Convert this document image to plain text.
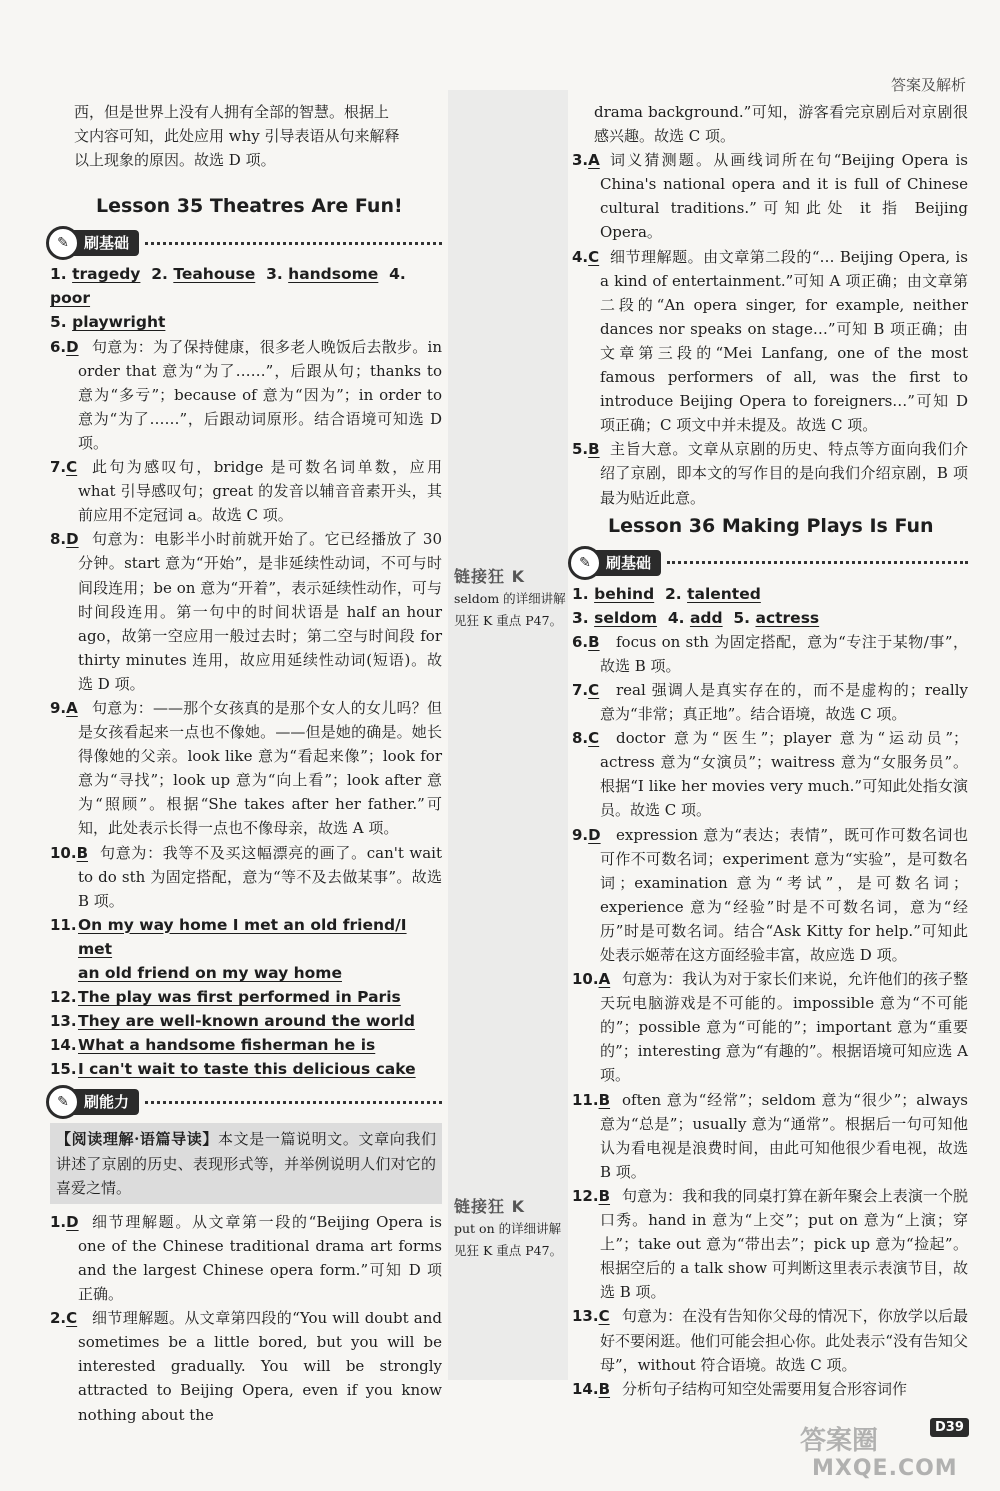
答案及解析

西，但是世界上没有人拥有全部的智慧。根据上

文内容可知，此处应用 why 引导表语从句来解释

以上现象的原因。故选 D 项。

Lesson 35 Theatres Are Fun!

✎	刷基础

1. tragedy 2. Teahouse 3. handsome 4. poor

5. playwright

6.D 句意为：为了保持健康，很多老人晚饭后去散步。in order that 意为“为了……”，后跟从句；thanks to 意为“多亏”；because of 意为“因为”；in order to 意为“为了……”，后跟动词原形。结合语境可知选 D 项。
7.C 此句为感叹句，bridge 是可数名词单数，应用 what 引导感叹句；great 的发音以辅音音素开头，其前应用不定冠词 a。故选 C 项。
8.D 句意为：电影半小时前就开始了。它已经播放了 30 分钟。start 意为“开始”，是非延续性动词，不可与时间段连用；be on 意为“开着”，表示延续性动作，可与时间段连用。第一句中的时间状语是 half an hour ago，故第一空应用一般过去时；第二空与时间段 for thirty minutes 连用，故应用延续性动词(短语)。故选 D 项。
9.A 句意为：——那个女孩真的是那个女人的女儿吗？但是女孩看起来一点也不像她。——但是她的确是。她长得像她的父亲。look like 意为“看起来像”；look for 意为“寻找”；look up 意为“向上看”；look after 意为“照顾”。根据“She takes after her father.”可知，此处表示长得一点也不像母亲，故选 A 项。
10.B 句意为：我等不及买这幅漂亮的画了。can't wait to do sth 为固定搭配，意为“等不及去做某事”。故选 B 项。
11. On my way home I met an old friend/I met
an old friend on my way home
12. The play was first performed in Paris
13. They are well-known around the world
14. What a handsome fisherman he is
15. I can't wait to taste this delicious cake
✎	刷能力
【阅读理解·语篇导读】本文是一篇说明文。文章向我们讲述了京剧的历史、表现形式等，并举例说明人们对它的喜爱之情。
1.D 细节理解题。从文章第一段的“Beijing Opera is one of the Chinese traditional drama art forms and the largest Chinese opera form.”可知 D 项正确。
2.C 细节理解题。从文章第四段的“You will doubt and sometimes be a little bored, but you will be interested gradually. You will be strongly attracted to Beijing Opera, even if you know nothing about the
链接狂 K
seldom 的详细讲解见狂 K 重点 P47。
链接狂 K
put on 的详细讲解见狂 K 重点 P47。

drama background.”可知，游客看完京剧后对京剧很感兴趣。故选 C 项。

3.A 词义猜测题。从画线词所在句“Beijing Opera is China's national opera and it is full of Chinese cultural traditions.”可知此处 it 指 Beijing Opera。
4.C 细节理解题。由文章第二段的“… Beijing Opera, is a kind of entertainment.”可知 A 项正确；由文章第二段的“An opera singer, for example, neither dances nor speaks on stage…”可知 B 项正确；由文章第三段的“Mei Lanfang, one of the most famous performers of all, was the first to introduce Beijing Opera to foreigners…”可知 D 项正确；C 项文中并未提及。故选 C 项。
5.B 主旨大意。文章从京剧的历史、特点等方面向我们介绍了京剧，即本文的写作目的是向我们介绍京剧，B 项最为贴近此意。

Lesson 36 Making Plays Is Fun

✎	刷基础

1. behind 2. talented

3. seldom 4. add 5. actress

6.B focus on sth 为固定搭配，意为“专注于某物/事”，故选 B 项。
7.C real 强调人是真实存在的，而不是虚构的；really 意为“非常；真正地”。结合语境，故选 C 项。
8.C doctor 意为“医生”；player 意为“运动员”；actress 意为“女演员”；waitress 意为“女服务员”。根据“I like her movies very much.”可知此处指女演员。故选 C 项。
9.D expression 意为“表达；表情”，既可作可数名词也可作不可数名词；experiment 意为“实验”，是可数名词；examination 意为“考试”，是可数名词；experience 意为“经验”时是不可数名词，意为“经历”时是可数名词。结合“Ask Kitty for help.”可知此处表示姬蒂在这方面经验丰富，故应选 D 项。
10.A 句意为：我认为对于家长们来说，允许他们的孩子整天玩电脑游戏是不可能的。impossible 意为“不可能的”；possible 意为“可能的”；important 意为“重要的”；interesting 意为“有趣的”。根据语境可知应选 A 项。
11.B often 意为“经常”；seldom 意为“很少”；always 意为“总是”；usually 意为“通常”。根据后一句可知他认为看电视是浪费时间，由此可知他很少看电视，故选 B 项。
12.B 句意为：我和我的同桌打算在新年聚会上表演一个脱口秀。hand in 意为“上交”；put on 意为“上演；穿上”；take out 意为“带出去”；pick up 意为“捡起”。根据空后的 a talk show 可判断这里表示表演节目，故选 B 项。
13.C 句意为：在没有告知你父母的情况下，你放学以后最好不要闲逛。他们可能会担心你。此处表示“没有告知父母”，without 符合语境。故选 C 项。
14.B 分析句子结构可知空处需要用复合形容词作
答案圈
MXQE.COM
D39
